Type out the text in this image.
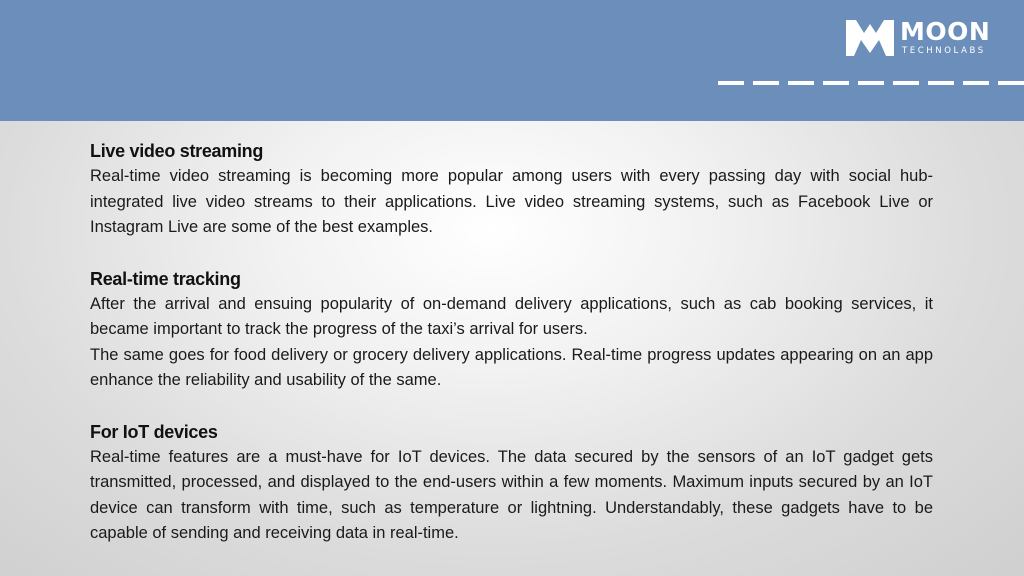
MOON
TECHNOLABS
Live video streaming

Real-time video streaming is becoming more popular among users with every passing day with social hub-integrated live video streams to their applications. Live video streaming systems, such as Facebook Live or Instagram Live are some of the best examples.

Real-time tracking

After the arrival and ensuing popularity of on-demand delivery applications, such as cab booking services, it became important to track the progress of the taxi’s arrival for users.

The same goes for food delivery or grocery delivery applications. Real-time progress updates appearing on an app enhance the reliability and usability of the same.

For IoT devices

Real-time features are a must-have for IoT devices. The data secured by the sensors of an IoT gadget gets transmitted, processed, and displayed to the end-users within a few moments. Maximum inputs secured by an IoT device can transform with time, such as temperature or lightning. Understandably, these gadgets have to be capable of sending and receiving data in real-time.
